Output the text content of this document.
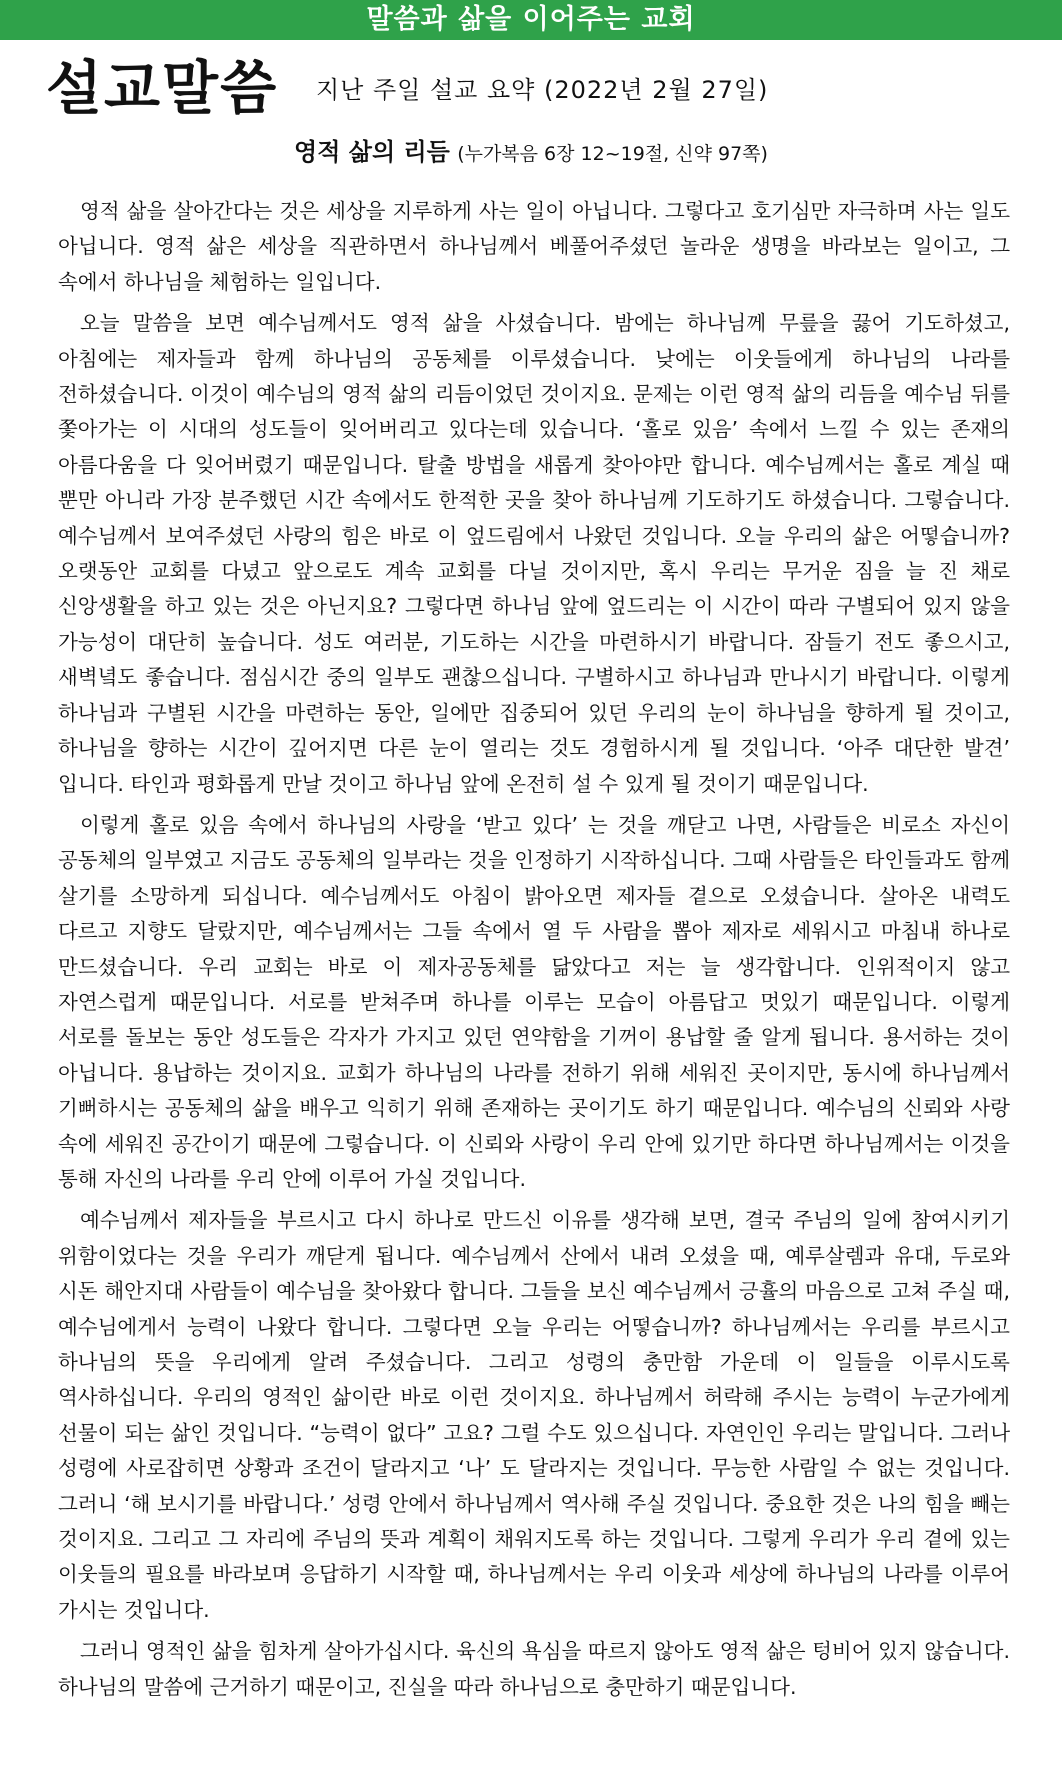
말씀과 삶을 이어주는 교회
설교말씀 지난 주일 설교 요약 (2022년 2월 27일)
영적 삶의 리듬 (누가복음 6장 12~19절, 신약 97쪽)

영적 삶을 살아간다는 것은 세상을 지루하게 사는 일이 아닙니다. 그렇다고 호기심만 자극하며 사는 일도 아닙니다. 영적 삶은 세상을 직관하면서 하나님께서 베풀어주셨던 놀라운 생명을 바라보는 일이고, 그 속에서 하나님을 체험하는 일입니다.

오늘 말씀을 보면 예수님께서도 영적 삶을 사셨습니다. 밤에는 하나님께 무릎을 끓어 기도하셨고, 아침에는 제자들과 함께 하나님의 공동체를 이루셨습니다. 낮에는 이웃들에게 하나님의 나라를 전하셨습니다. 이것이 예수님의 영적 삶의 리듬이었던 것이지요. 문제는 이런 영적 삶의 리듬을 예수님 뒤를 쫓아가는 이 시대의 성도들이 잊어버리고 있다는데 있습니다. ‘홀로 있음’ 속에서 느낄 수 있는 존재의 아름다움을 다 잊어버렸기 때문입니다. 탈출 방법을 새롭게 찾아야만 합니다. 예수님께서는 홀로 계실 때 뿐만 아니라 가장 분주했던 시간 속에서도 한적한 곳을 찾아 하나님께 기도하기도 하셨습니다. 그렇습니다. 예수님께서 보여주셨던 사랑의 힘은 바로 이 엎드림에서 나왔던 것입니다. 오늘 우리의 삶은 어떻습니까? 오랫동안 교회를 다녔고 앞으로도 계속 교회를 다닐 것이지만, 혹시 우리는 무거운 짐을 늘 진 채로 신앙생활을 하고 있는 것은 아닌지요? 그렇다면 하나님 앞에 엎드리는 이 시간이 따라 구별되어 있지 않을 가능성이 대단히 높습니다. 성도 여러분, 기도하는 시간을 마련하시기 바랍니다. 잠들기 전도 좋으시고, 새벽녘도 좋습니다. 점심시간 중의 일부도 괜찮으십니다. 구별하시고 하나님과 만나시기 바랍니다. 이렇게 하나님과 구별된 시간을 마련하는 동안, 일에만 집중되어 있던 우리의 눈이 하나님을 향하게 될 것이고, 하나님을 향하는 시간이 깊어지면 다른 눈이 열리는 것도 경험하시게 될 것입니다. ‘아주 대단한 발견’ 입니다. 타인과 평화롭게 만날 것이고 하나님 앞에 온전히 설 수 있게 될 것이기 때문입니다.

이렇게 홀로 있음 속에서 하나님의 사랑을 ‘받고 있다’ 는 것을 깨닫고 나면, 사람들은 비로소 자신이 공동체의 일부였고 지금도 공동체의 일부라는 것을 인정하기 시작하십니다. 그때 사람들은 타인들과도 함께 살기를 소망하게 되십니다. 예수님께서도 아침이 밝아오면 제자들 곁으로 오셨습니다. 살아온 내력도 다르고 지향도 달랐지만, 예수님께서는 그들 속에서 열 두 사람을 뽑아 제자로 세워시고 마침내 하나로 만드셨습니다. 우리 교회는 바로 이 제자공동체를 닮았다고 저는 늘 생각합니다. 인위적이지 않고 자연스럽게 때문입니다. 서로를 받쳐주며 하나를 이루는 모습이 아름답고 멋있기 때문입니다. 이렇게 서로를 돌보는 동안 성도들은 각자가 가지고 있던 연약함을 기꺼이 용납할 줄 알게 됩니다. 용서하는 것이 아닙니다. 용납하는 것이지요. 교회가 하나님의 나라를 전하기 위해 세워진 곳이지만, 동시에 하나님께서 기뻐하시는 공동체의 삶을 배우고 익히기 위해 존재하는 곳이기도 하기 때문입니다. 예수님의 신뢰와 사랑 속에 세워진 공간이기 때문에 그렇습니다. 이 신뢰와 사랑이 우리 안에 있기만 하다면 하나님께서는 이것을 통해 자신의 나라를 우리 안에 이루어 가실 것입니다.

예수님께서 제자들을 부르시고 다시 하나로 만드신 이유를 생각해 보면, 결국 주님의 일에 참여시키기 위함이었다는 것을 우리가 깨닫게 됩니다. 예수님께서 산에서 내려 오셨을 때, 예루살렘과 유대, 두로와 시돈 해안지대 사람들이 예수님을 찾아왔다 합니다. 그들을 보신 예수님께서 긍휼의 마음으로 고쳐 주실 때, 예수님에게서 능력이 나왔다 합니다. 그렇다면 오늘 우리는 어떻습니까? 하나님께서는 우리를 부르시고 하나님의 뜻을 우리에게 알려 주셨습니다. 그리고 성령의 충만함 가운데 이 일들을 이루시도록 역사하십니다. 우리의 영적인 삶이란 바로 이런 것이지요. 하나님께서 허락해 주시는 능력이 누군가에게 선물이 되는 삶인 것입니다. “능력이 없다” 고요? 그럴 수도 있으십니다. 자연인인 우리는 말입니다. 그러나 성령에 사로잡히면 상황과 조건이 달라지고 ‘나’ 도 달라지는 것입니다. 무능한 사람일 수 없는 것입니다. 그러니 ‘해 보시기를 바랍니다.’ 성령 안에서 하나님께서 역사해 주실 것입니다. 중요한 것은 나의 힘을 빼는 것이지요. 그리고 그 자리에 주님의 뜻과 계획이 채워지도록 하는 것입니다. 그렇게 우리가 우리 곁에 있는 이웃들의 필요를 바라보며 응답하기 시작할 때, 하나님께서는 우리 이웃과 세상에 하나님의 나라를 이루어 가시는 것입니다.

그러니 영적인 삶을 힘차게 살아가십시다. 육신의 욕심을 따르지 않아도 영적 삶은 텅비어 있지 않습니다. 하나님의 말씀에 근거하기 때문이고, 진실을 따라 하나님으로 충만하기 때문입니다.
